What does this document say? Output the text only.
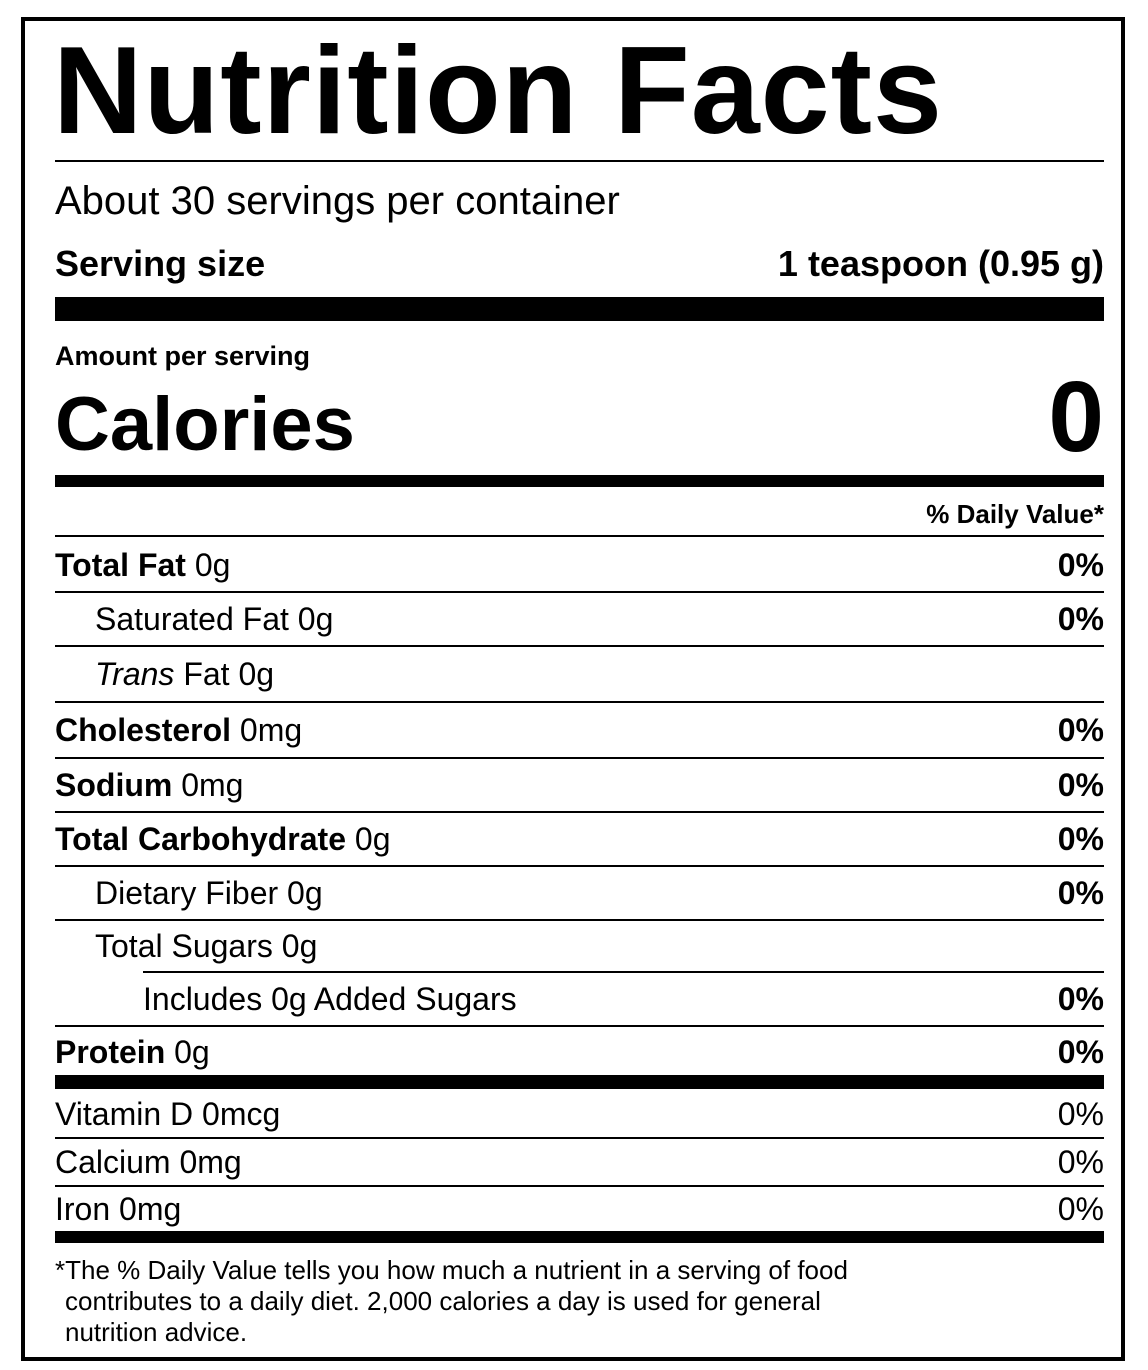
Nutrition Facts
About 30 servings per container
Serving size	1 teaspoon (0.95 g)
Amount per serving
Calories	0
% Daily Value*
Total Fat 0g	0%
Saturated Fat 0g	0%
Trans Fat 0g
Cholesterol 0mg	0%
Sodium 0mg	0%
Total Carbohydrate 0g	0%
Dietary Fiber 0g	0%
Total Sugars 0g
Includes 0g Added Sugars	0%
Protein 0g	0%
Vitamin D 0mcg	0%
Calcium 0mg	0%
Iron 0mg	0%
*The % Daily Value tells you how much a nutrient in a serving of food
contributes to a daily diet. 2,000 calories a day is used for general
nutrition advice.
